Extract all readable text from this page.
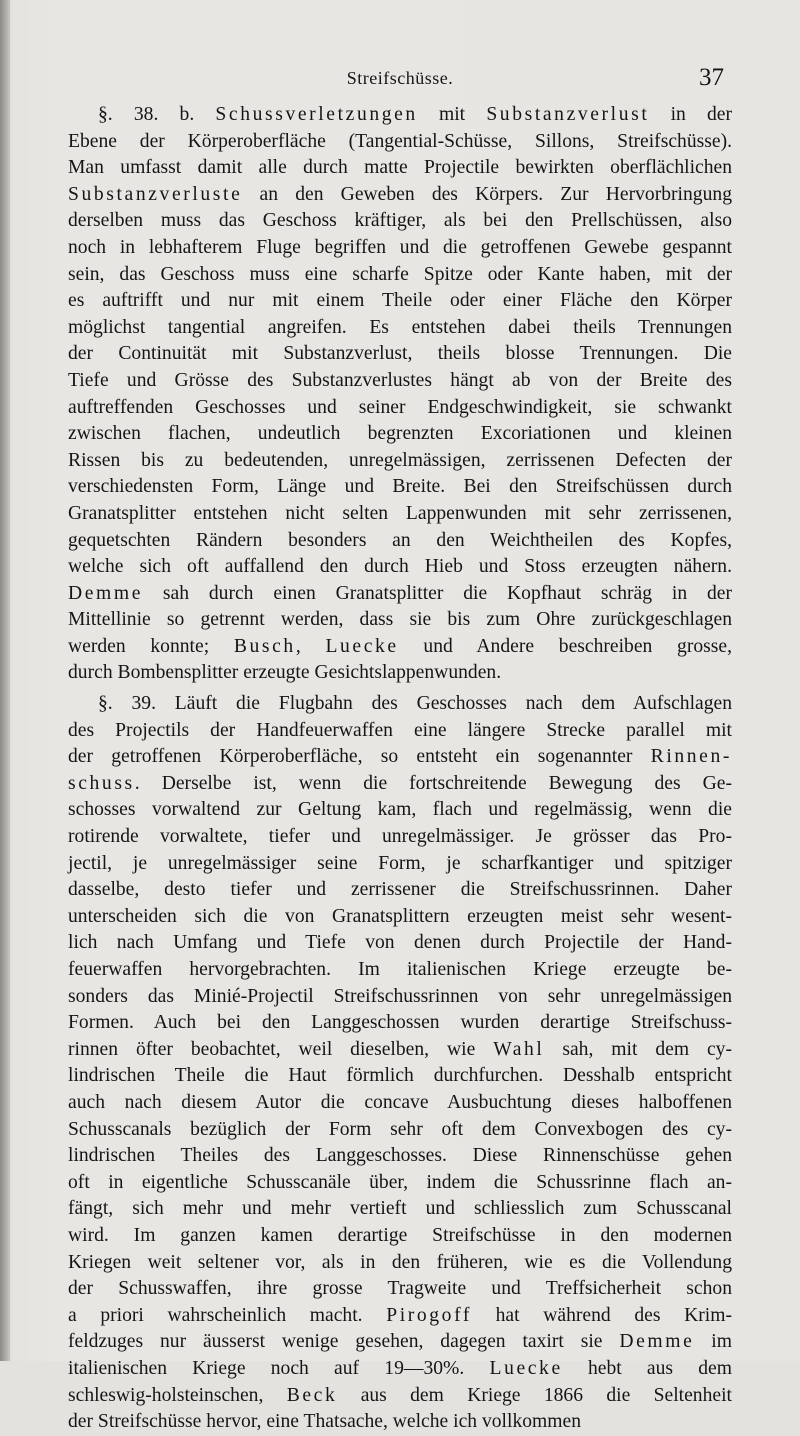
Streifschüsse.	37

§. 38. b. Schussverletzungen mit Substanzverlust in der
Ebene der Körperoberfläche (Tangential-Schüsse, Sillons, Streifschüsse).
Man umfasst damit alle durch matte Projectile bewirkten oberflächlichen
Substanzverluste an den Geweben des Körpers. Zur Hervorbringung
derselben muss das Geschoss kräftiger, als bei den Prellschüssen, also
noch in lebhafterem Fluge begriffen und die getroffenen Gewebe gespannt
sein, das Geschoss muss eine scharfe Spitze oder Kante haben, mit der
es auftrifft und nur mit einem Theile oder einer Fläche den Körper
möglichst tangential angreifen. Es entstehen dabei theils Trennungen
der Continuität mit Substanzverlust, theils blosse Trennungen. Die
Tiefe und Grösse des Substanzverlustes hängt ab von der Breite des
auftreffenden Geschosses und seiner Endgeschwindigkeit, sie schwankt
zwischen flachen, undeutlich begrenzten Excoriationen und kleinen
Rissen bis zu bedeutenden, unregelmässigen, zerrissenen Defecten der
verschiedensten Form, Länge und Breite. Bei den Streifschüssen durch
Granatsplitter entstehen nicht selten Lappenwunden mit sehr zerrissenen,
gequetschten Rändern besonders an den Weichtheilen des Kopfes,
welche sich oft auffallend den durch Hieb und Stoss erzeugten nähern.
Demme sah durch einen Granatsplitter die Kopfhaut schräg in der
Mittellinie so getrennt werden, dass sie bis zum Ohre zurückgeschlagen
werden konnte; Busch, Luecke und Andere beschreiben grosse,
durch Bombensplitter erzeugte Gesichtslappenwunden.

§. 39. Läuft die Flugbahn des Geschosses nach dem Aufschlagen
des Projectils der Handfeuerwaffen eine längere Strecke parallel mit
der getroffenen Körperoberfläche, so entsteht ein sogenannter Rinnen-
schuss. Derselbe ist, wenn die fortschreitende Bewegung des Ge-
schosses vorwaltend zur Geltung kam, flach und regelmässig, wenn die
rotirende vorwaltete, tiefer und unregelmässiger. Je grösser das Pro-
jectil, je unregelmässiger seine Form, je scharfkantiger und spitziger
dasselbe, desto tiefer und zerrissener die Streifschussrinnen. Daher
unterscheiden sich die von Granatsplittern erzeugten meist sehr wesent-
lich nach Umfang und Tiefe von denen durch Projectile der Hand-
feuerwaffen hervorgebrachten. Im italienischen Kriege erzeugte be-
sonders das Minié-Projectil Streifschussrinnen von sehr unregelmässigen
Formen. Auch bei den Langgeschossen wurden derartige Streifschuss-
rinnen öfter beobachtet, weil dieselben, wie Wahl sah, mit dem cy-
lindrischen Theile die Haut förmlich durchfurchen. Desshalb entspricht
auch nach diesem Autor die concave Ausbuchtung dieses halboffenen
Schusscanals bezüglich der Form sehr oft dem Convexbogen des cy-
lindrischen Theiles des Langgeschosses. Diese Rinnenschüsse gehen
oft in eigentliche Schusscanäle über, indem die Schussrinne flach an-
fängt, sich mehr und mehr vertieft und schliesslich zum Schusscanal
wird. Im ganzen kamen derartige Streifschüsse in den modernen
Kriegen weit seltener vor, als in den früheren, wie es die Vollendung
der Schusswaffen, ihre grosse Tragweite und Treffsicherheit schon
a priori wahrscheinlich macht. Pirogoff hat während des Krim-
feldzuges nur äusserst wenige gesehen, dagegen taxirt sie Demme im
italienischen Kriege noch auf 19—30%. Luecke hebt aus dem
schleswig-holsteinschen, Beck aus dem Kriege 1866 die Seltenheit
der Streifschüsse hervor, eine Thatsache, welche ich vollkommen
